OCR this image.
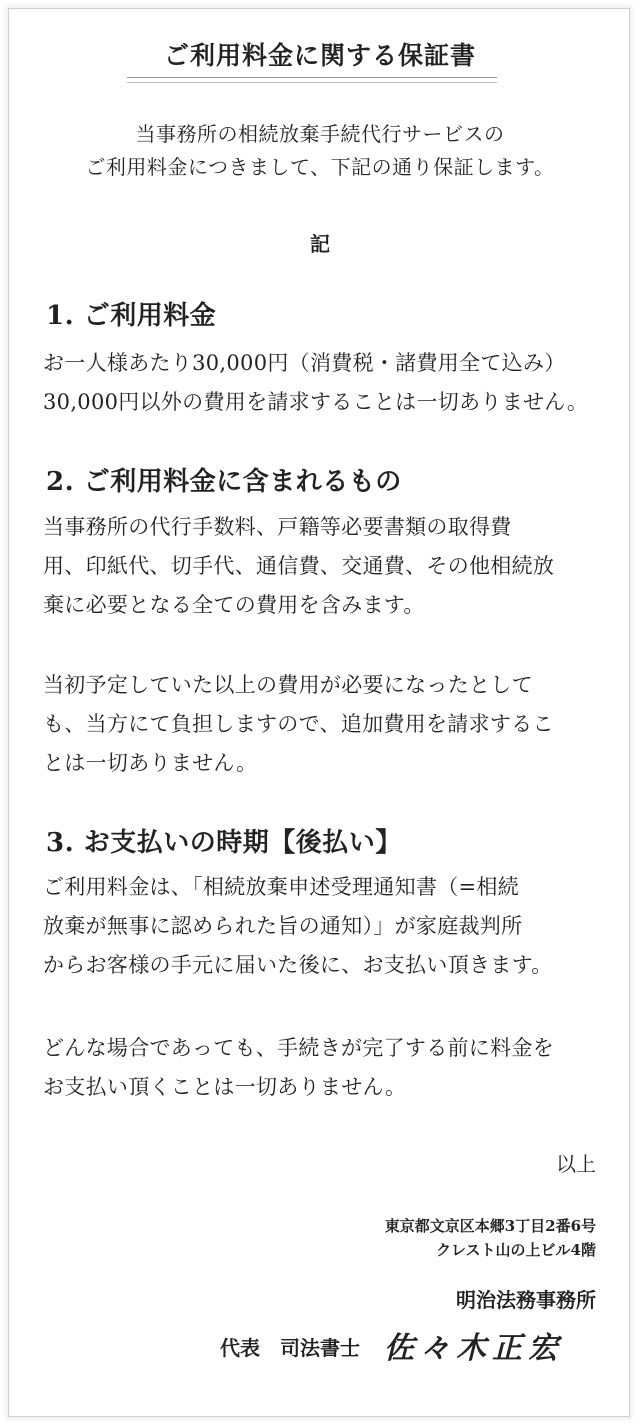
ご利用料金に関する保証書
当事務所の相続放棄手続代行サービスの
ご利用料金につきまして、下記の通り保証します。
記
1. ご利用料金
お一人様あたり30,000円（消費税・諸費用全て込み）
30,000円以外の費用を請求することは一切ありません。
2. ご利用料金に含まれるもの
当事務所の代行手数料、戸籍等必要書類の取得費
用、印紙代、切手代、通信費、交通費、その他相続放
棄に必要となる全ての費用を含みます。
当初予定していた以上の費用が必要になったとして
も、当方にて負担しますので、追加費用を請求するこ
とは一切ありません。
3. お支払いの時期【後払い】
ご利用料金は、「相続放棄申述受理通知書（=相続
放棄が無事に認められた旨の通知）」が家庭裁判所
からお客様の手元に届いた後に、お支払い頂きます。
どんな場合であっても、手続きが完了する前に料金を
お支払い頂くことは一切ありません。
以上
東京都文京区本郷3丁目2番6号
クレスト山の上ビル4階
明治法務事務所
代表　司法書士 佐々木正宏
